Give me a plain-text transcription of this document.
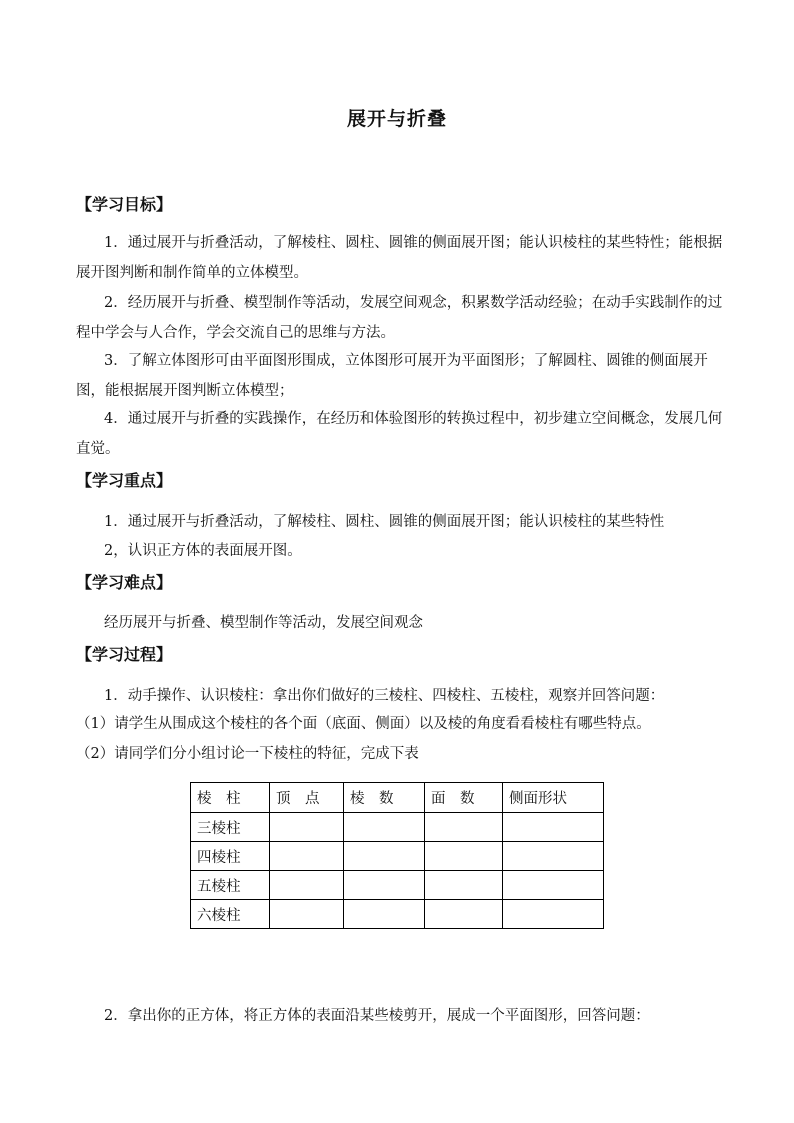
展开与折叠
【学习目标】
1．通过展开与折叠活动，了解棱柱、圆柱、圆锥的侧面展开图；能认识棱柱的某些特性；能根据展开图判断和制作简单的立体模型。
2．经历展开与折叠、模型制作等活动，发展空间观念，积累数学活动经验；在动手实践制作的过程中学会与人合作，学会交流自己的思维与方法。
3．了解立体图形可由平面图形围成，立体图形可展开为平面图形；了解圆柱、圆锥的侧面展开图，能根据展开图判断立体模型；
4．通过展开与折叠的实践操作，在经历和体验图形的转换过程中，初步建立空间概念，发展几何直觉。
【学习重点】
1．通过展开与折叠活动，了解棱柱、圆柱、圆锥的侧面展开图；能认识棱柱的某些特性
2，认识正方体的表面展开图。
【学习难点】
经历展开与折叠、模型制作等活动，发展空间观念
【学习过程】
1．动手操作、认识棱柱：拿出你们做好的三棱柱、四棱柱、五棱柱，观察并回答问题：
（1）请学生从围成这个棱柱的各个面（底面、侧面）以及棱的角度看看棱柱有哪些特点。
（2）请同学们分小组讨论一下棱柱的特征，完成下表
棱　柱	顶　点	棱　数	面　数	侧面形状
三棱柱				
四棱柱				
五棱柱				
六棱柱				
2．拿出你的正方体，将正方体的表面沿某些棱剪开，展成一个平面图形，回答问题：
